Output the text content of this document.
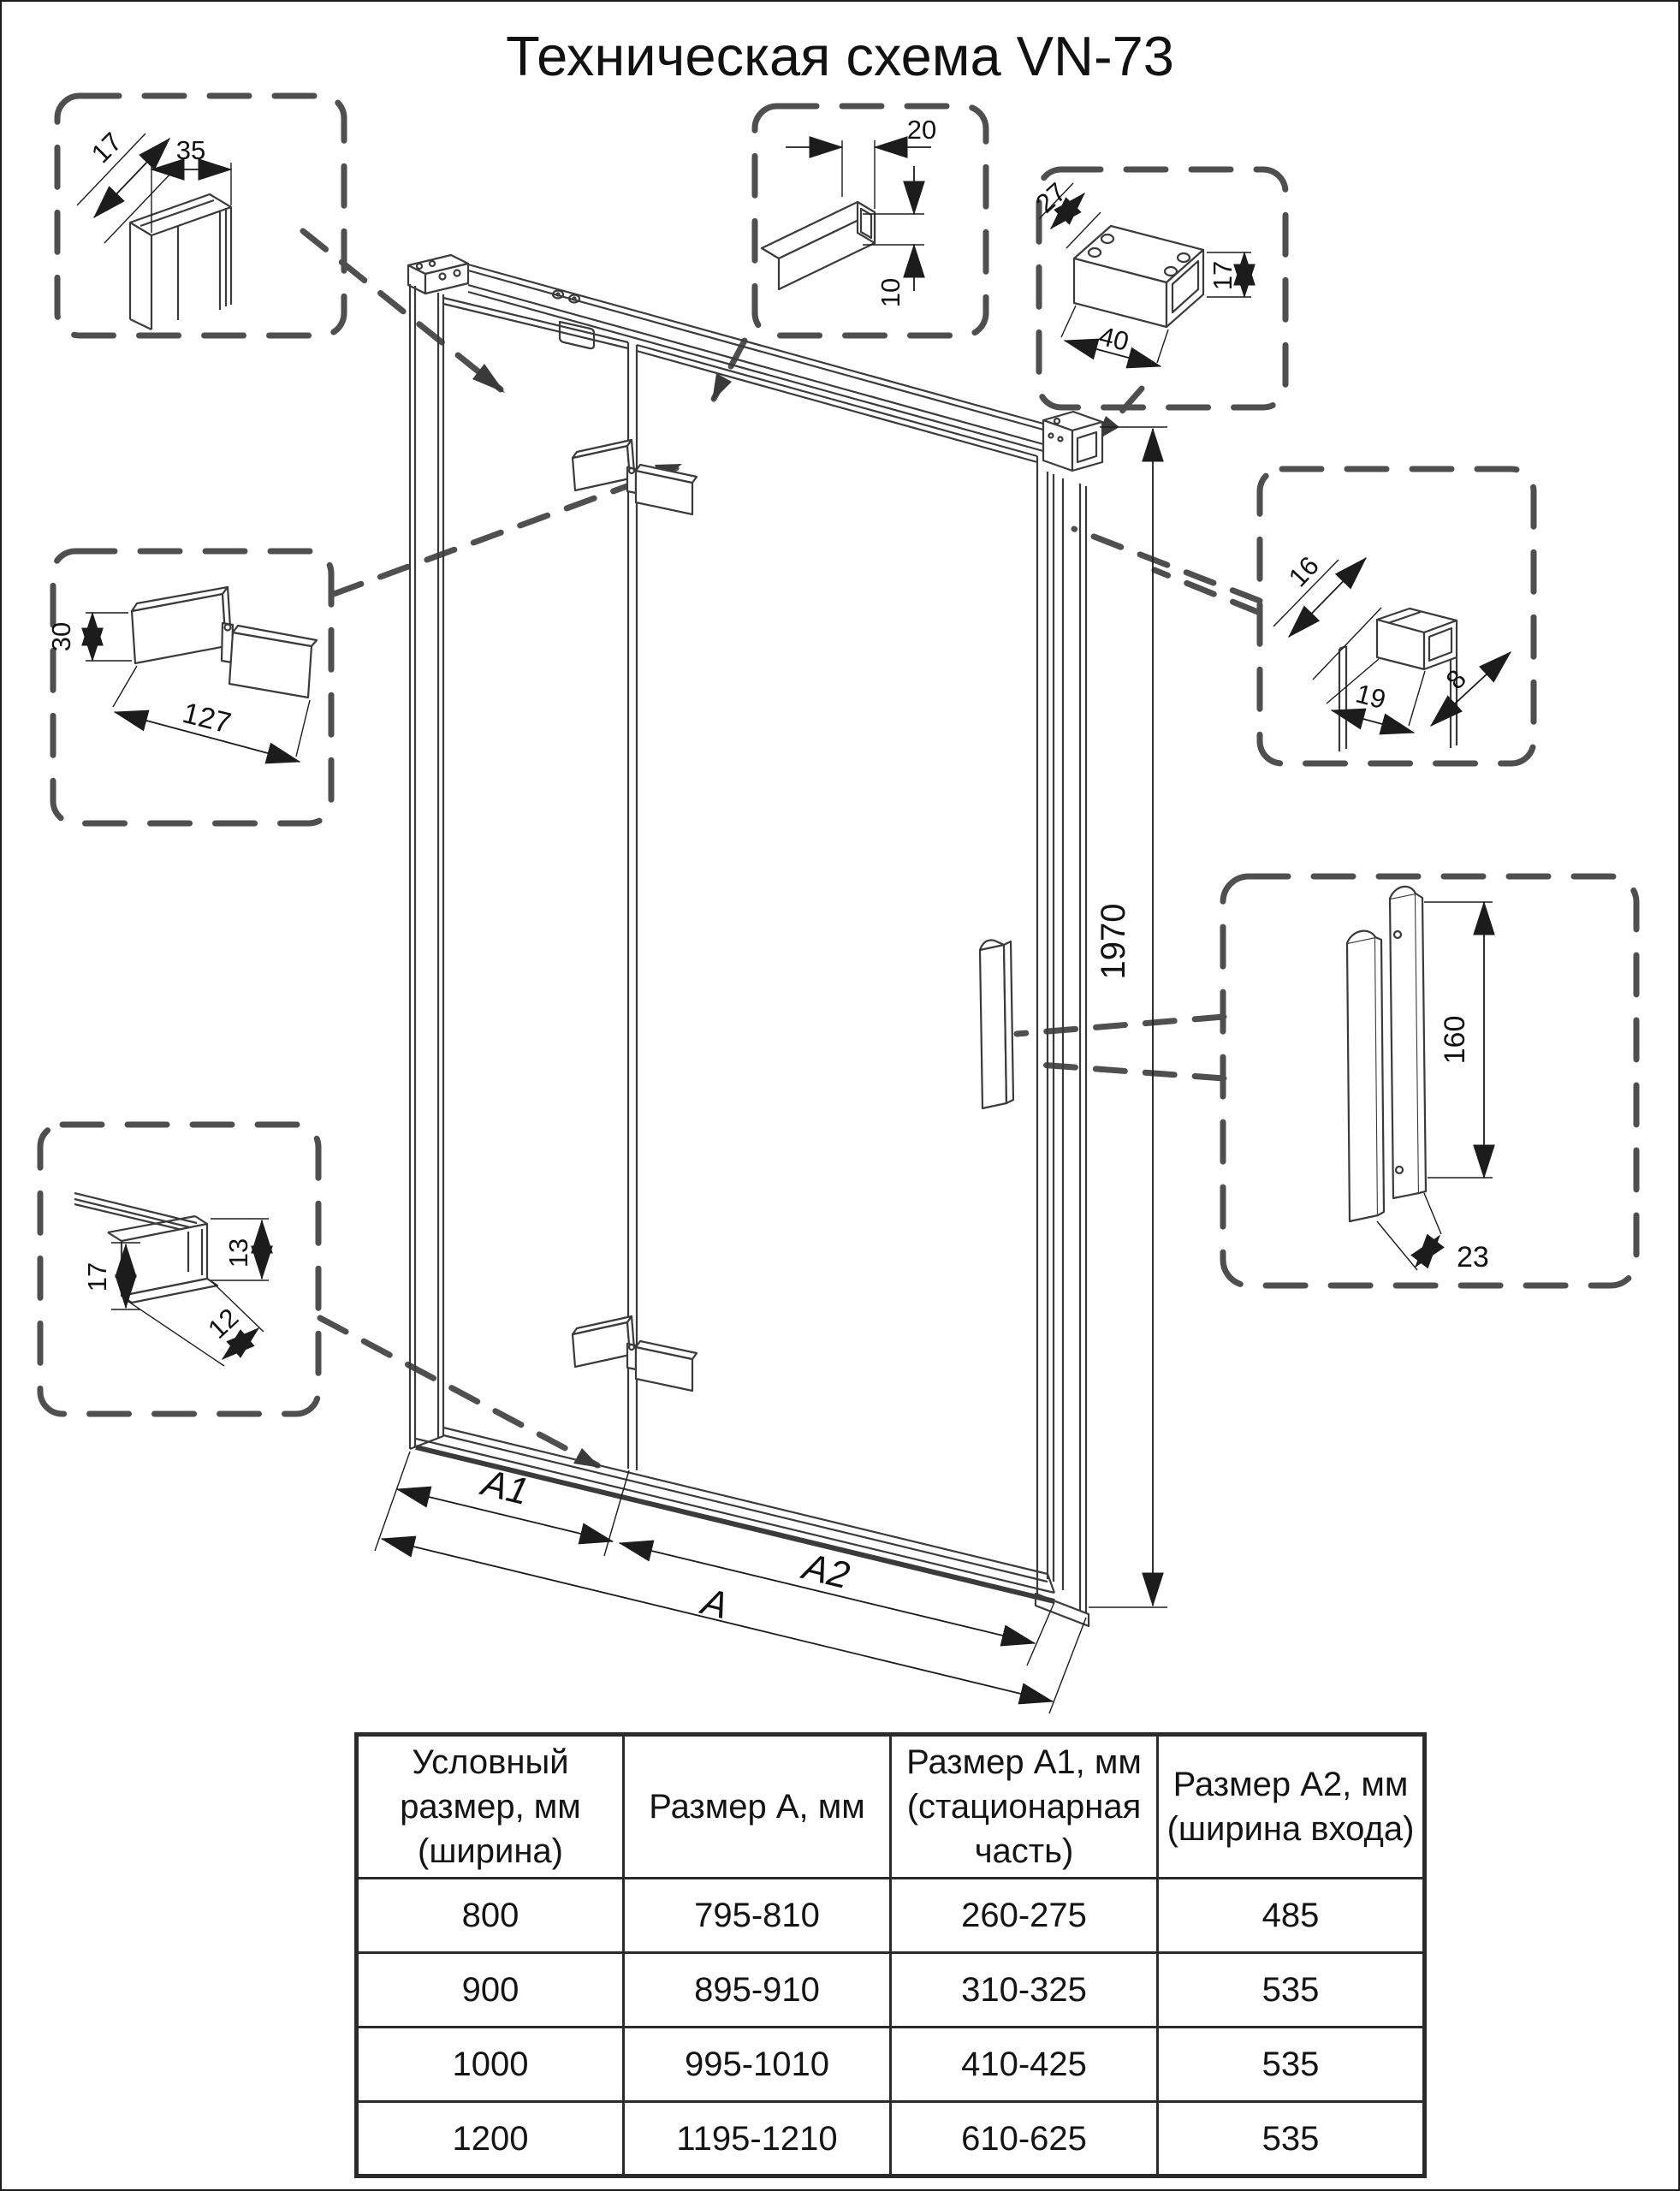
Техническая схема VN-73
1970
A1
A2
A
35
17	20
10
27
40
17
30
127
16
19 8
160
23
17
13
12
Условный размер, мм (ширина)	Размер А, мм	Размер А1, мм (стационарная часть)	Размер А2, мм (ширина входа)
800	795-810	260-275	485
900	895-910	310-325	535
1000	995-1010	410-425	535
1200	1195-1210	610-625	535
